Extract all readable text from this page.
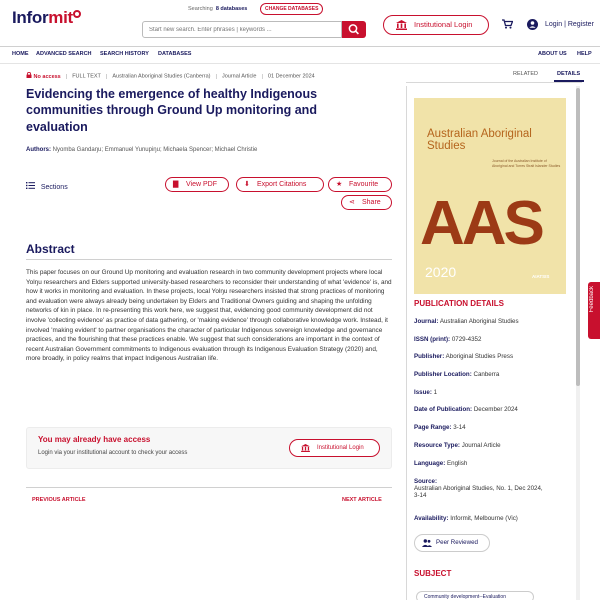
Informit	Searching 8 databases	CHANGE DATABASES
Start new search. Enter phrases | keywords ...
Institutional Login	Login | Register
HOME ADVANCED SEARCH SEARCH HISTORY DATABASES	ABOUT US HELP
No access | FULL TEXT | Australian Aboriginal Studies (Canberra) | Journal Article | 01 December 2024
Evidencing the emergence of healthy Indigenous communities through Ground Up monitoring and evaluation
Authors: Nyomba Gandaŋu; Emmanuel Yunupiŋu; Michaela Spencer; Michael Christie
Sections	▇ View PDF	⬇ Export Citations	★ Favourite
⋖ Share
Abstract
This paper focuses on our Ground Up monitoring and evaluation research in two community development projects where local Yolŋu researchers and Elders supported university-based researchers to reconsider their understanding of what 'evidence' is, and how it works in monitoring and evaluation. In these projects, local Yolŋu researchers insisted that strong practices of monitoring and evaluation were always already being undertaken by Elders and Traditional Owners guiding and shaping the unfolding networks of kin in place. In re-presenting this work here, we suggest that, evidencing good community development did not involve 'collecting evidence' as practice of data gathering, or 'making evidence' through collaborative knowledge work. Instead, it involved 'making evident' to partner organisations the character of particular Indigenous sovereign knowledge and governance practices, and the flourishing that these practices enable. We suggest that such considerations are important in the context of recent Australian Government commitments to Indigenous evaluation through its Indigenous Evaluation Strategy (2020) and, more broadly, in policy realms that impact Indigenous Australian life.
You may already have access
Login via your institutional account to check your access
Institutional Login
PREVIOUS ARTICLE	NEXT ARTICLE
RELATED	DETAILS
Australian Aboriginal Studies
Journal of the Australian Institute of Aboriginal and Torres Strait Islander Studies
AAS
2020	AIATSIS
PUBLICATION DETAILS
Journal: Australian Aboriginal Studies
ISSN (print): 0729-4352
Publisher: Aboriginal Studies Press
Publisher Location: Canberra
Issue: 1
Date of Publication: December 2024
Page Range: 3-14
Resource Type: Journal Article
Language: English
Source:
Australian Aboriginal Studies, No. 1, Dec 2024,
3-14
Availability: Informit, Melbourne (Vic)
Peer Reviewed
SUBJECT
Community development--Evaluation
Feedback
